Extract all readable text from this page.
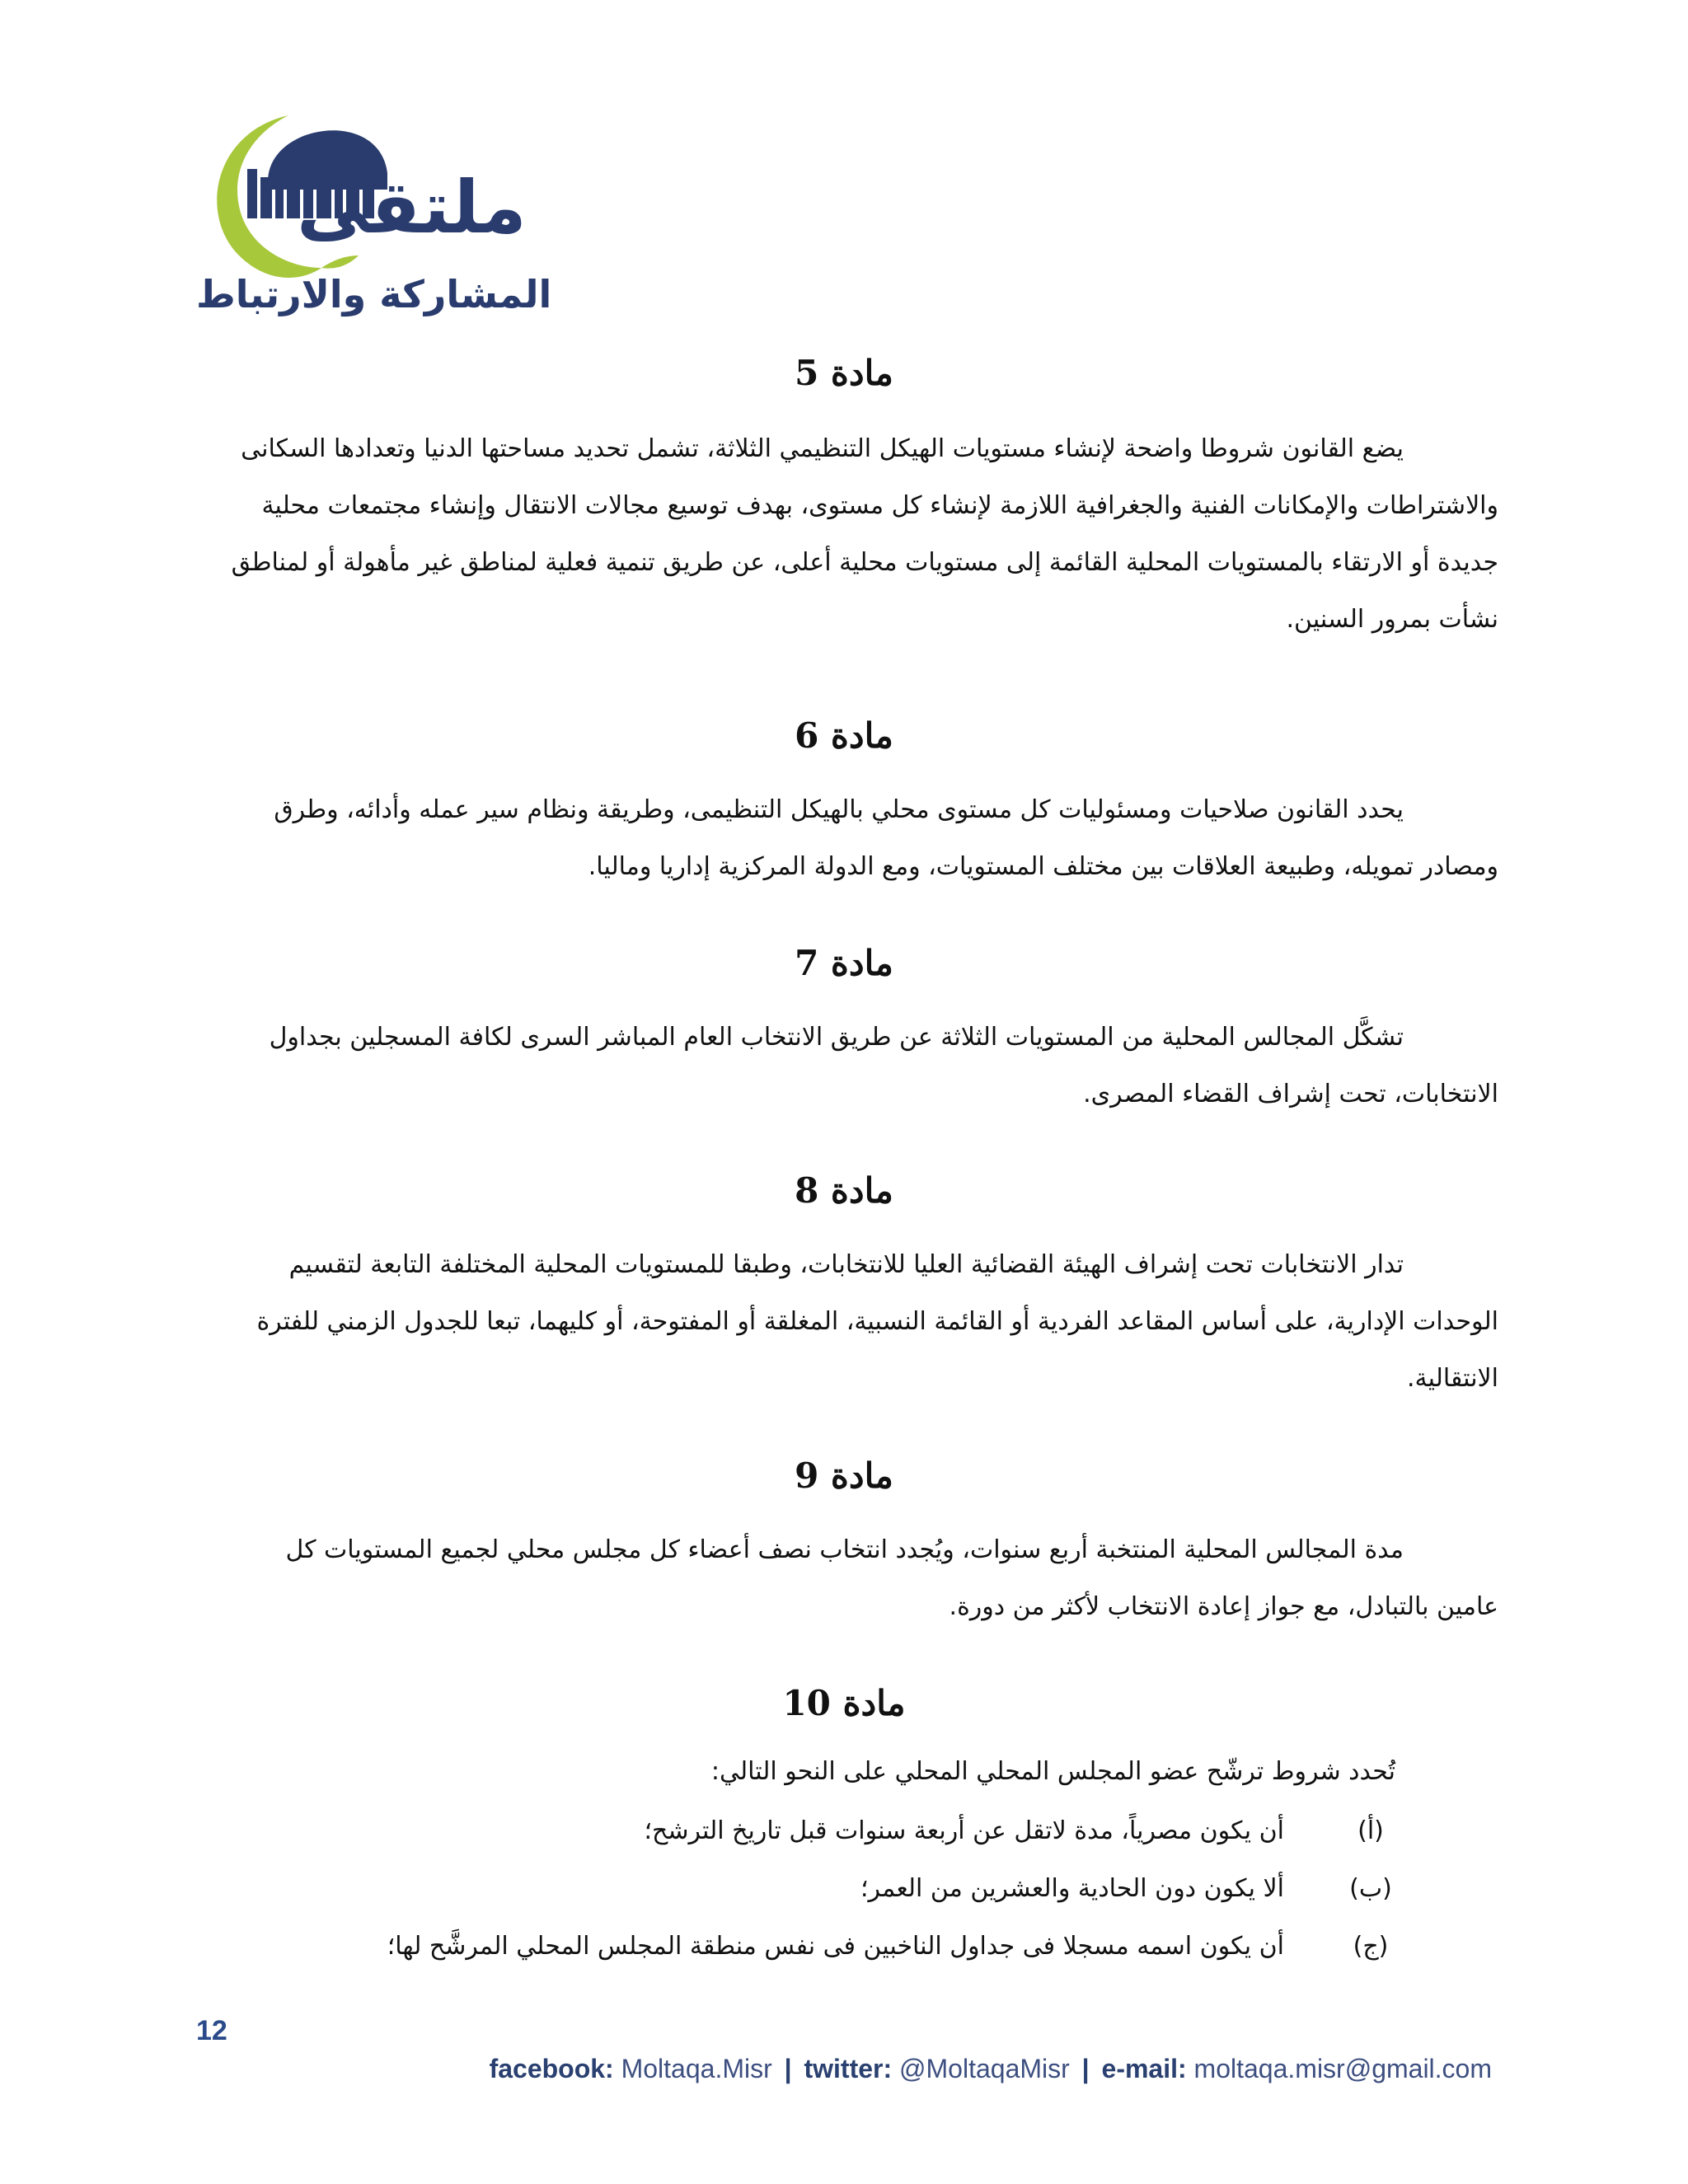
ملتقى
المشاركة والارتباط
مادة 5
يضع القانون شروطا واضحة لإنشاء مستويات الهيكل التنظيمي الثلاثة، تشمل تحديد مساحتها الدنيا وتعدادها السكانى
والاشتراطات والإمكانات الفنية والجغرافية اللازمة لإنشاء كل مستوى، بهدف توسيع مجالات الانتقال وإنشاء مجتمعات محلية
جديدة أو الارتقاء بالمستويات المحلية القائمة إلى مستويات محلية أعلى، عن طريق تنمية فعلية لمناطق غير مأهولة أو لمناطق
نشأت بمرور السنين.
مادة 6
يحدد القانون صلاحيات ومسئوليات كل مستوى محلي بالهيكل التنظيمى، وطريقة ونظام سير عمله وأدائه، وطرق
ومصادر تمويله، وطبيعة العلاقات بين مختلف المستويات، ومع الدولة المركزية إداريا وماليا.
مادة 7
تشكَّل المجالس المحلية من المستويات الثلاثة عن طريق الانتخاب العام المباشر السرى لكافة المسجلين بجداول
الانتخابات، تحت إشراف القضاء المصرى.
مادة 8
تدار الانتخابات تحت إشراف الهيئة القضائية العليا للانتخابات، وطبقا للمستويات المحلية المختلفة التابعة لتقسيم
الوحدات الإدارية، على أساس المقاعد الفردية أو القائمة النسبية، المغلقة أو المفتوحة، أو كليهما، تبعا للجدول الزمني للفترة
الانتقالية.
مادة 9
مدة المجالس المحلية المنتخبة أربع سنوات، ويُجدد انتخاب نصف أعضاء كل مجلس محلي لجميع المستويات كل
عامين بالتبادل، مع جواز إعادة الانتخاب لأكثر من دورة.
مادة 10
تُحدد شروط ترشّح عضو المجلس المحلي المحلي على النحو التالي:
(أ)أن يكون مصرياً، مدة لاتقل عن أربعة سنوات قبل تاريخ الترشح؛
(ب)ألا يكون دون الحادية والعشرين من العمر؛
(ج)أن يكون اسمه مسجلا فى جداول الناخبين فى نفس منطقة المجلس المحلي المرشَّح لها؛
12
facebook: Moltaqa.Misr | twitter: @MoltaqaMisr | e-mail: moltaqa.misr@gmail.com
